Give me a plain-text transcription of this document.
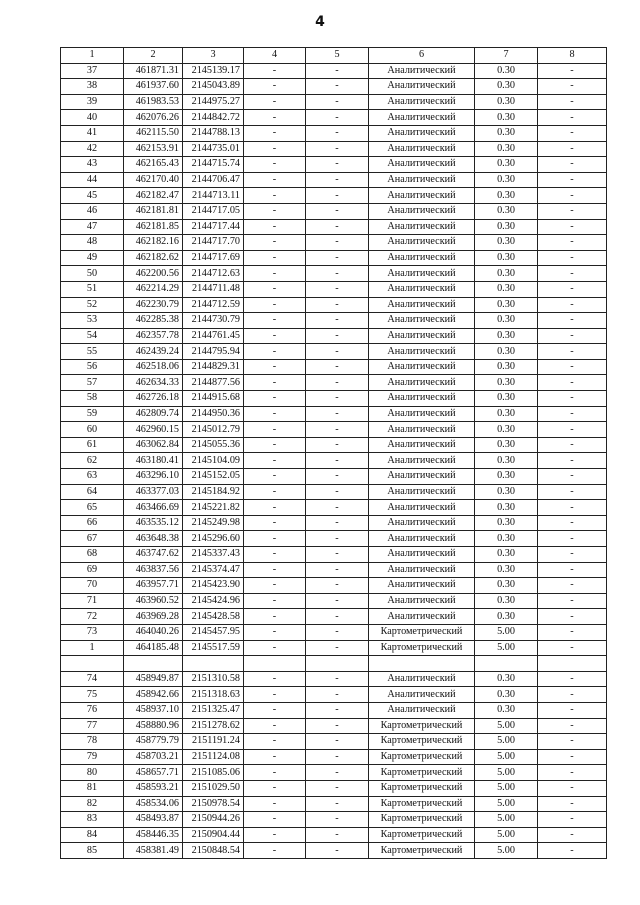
4
1	2	3	4	5	6	7	8
37	461871.31	2145139.17	-	-	Аналитический	0.30	-
38	461937.60	2145043.89	-	-	Аналитический	0.30	-
39	461983.53	2144975.27	-	-	Аналитический	0.30	-
40	462076.26	2144842.72	-	-	Аналитический	0.30	-
41	462115.50	2144788.13	-	-	Аналитический	0.30	-
42	462153.91	2144735.01	-	-	Аналитический	0.30	-
43	462165.43	2144715.74	-	-	Аналитический	0.30	-
44	462170.40	2144706.47	-	-	Аналитический	0.30	-
45	462182.47	2144713.11	-	-	Аналитический	0.30	-
46	462181.81	2144717.05	-	-	Аналитический	0.30	-
47	462181.85	2144717.44	-	-	Аналитический	0.30	-
48	462182.16	2144717.70	-	-	Аналитический	0.30	-
49	462182.62	2144717.69	-	-	Аналитический	0.30	-
50	462200.56	2144712.63	-	-	Аналитический	0.30	-
51	462214.29	2144711.48	-	-	Аналитический	0.30	-
52	462230.79	2144712.59	-	-	Аналитический	0.30	-
53	462285.38	2144730.79	-	-	Аналитический	0.30	-
54	462357.78	2144761.45	-	-	Аналитический	0.30	-
55	462439.24	2144795.94	-	-	Аналитический	0.30	-
56	462518.06	2144829.31	-	-	Аналитический	0.30	-
57	462634.33	2144877.56	-	-	Аналитический	0.30	-
58	462726.18	2144915.68	-	-	Аналитический	0.30	-
59	462809.74	2144950.36	-	-	Аналитический	0.30	-
60	462960.15	2145012.79	-	-	Аналитический	0.30	-
61	463062.84	2145055.36	-	-	Аналитический	0.30	-
62	463180.41	2145104.09	-	-	Аналитический	0.30	-
63	463296.10	2145152.05	-	-	Аналитический	0.30	-
64	463377.03	2145184.92	-	-	Аналитический	0.30	-
65	463466.69	2145221.82	-	-	Аналитический	0.30	-
66	463535.12	2145249.98	-	-	Аналитический	0.30	-
67	463648.38	2145296.60	-	-	Аналитический	0.30	-
68	463747.62	2145337.43	-	-	Аналитический	0.30	-
69	463837.56	2145374.47	-	-	Аналитический	0.30	-
70	463957.71	2145423.90	-	-	Аналитический	0.30	-
71	463960.52	2145424.96	-	-	Аналитический	0.30	-
72	463969.28	2145428.58	-	-	Аналитический	0.30	-
73	464040.26	2145457.95	-	-	Картометрический	5.00	-
1	464185.48	2145517.59	-	-	Картометрический	5.00	-

74	458949.87	2151310.58	-	-	Аналитический	0.30	-
75	458942.66	2151318.63	-	-	Аналитический	0.30	-
76	458937.10	2151325.47	-	-	Аналитический	0.30	-
77	458880.96	2151278.62	-	-	Картометрический	5.00	-
78	458779.79	2151191.24	-	-	Картометрический	5.00	-
79	458703.21	2151124.08	-	-	Картометрический	5.00	-
80	458657.71	2151085.06	-	-	Картометрический	5.00	-
81	458593.21	2151029.50	-	-	Картометрический	5.00	-
82	458534.06	2150978.54	-	-	Картометрический	5.00	-
83	458493.87	2150944.26	-	-	Картометрический	5.00	-
84	458446.35	2150904.44	-	-	Картометрический	5.00	-
85	458381.49	2150848.54	-	-	Картометрический	5.00	-
